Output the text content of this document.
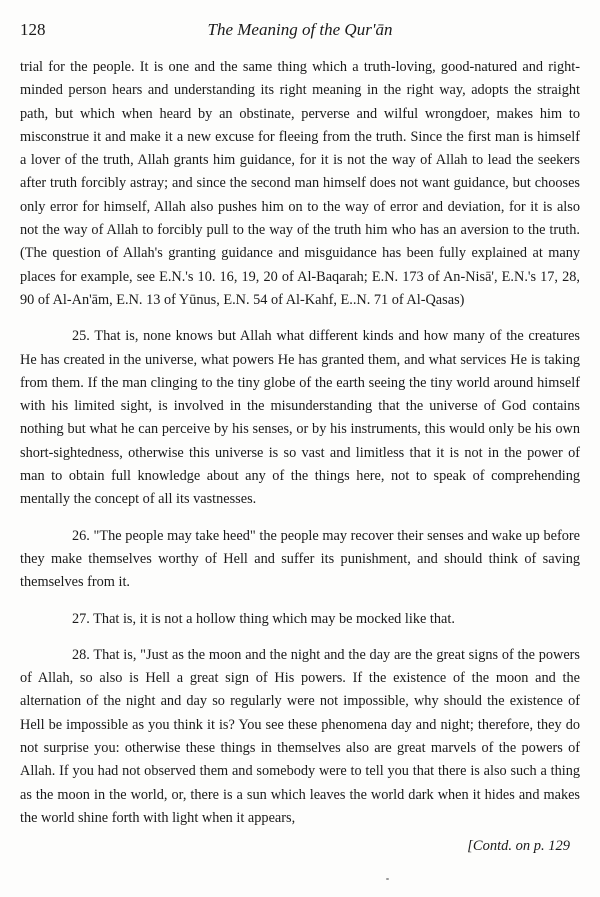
128	The Meaning of the Qur'ān

trial for the people. It is one and the same thing which a truth-loving, good-natured and right-minded person hears and understanding its right meaning in the right way, adopts the straight path, but which when heard by an obstinate, perverse and wilful wrongdoer, makes him to misconstrue it and make it a new excuse for fleeing from the truth. Since the first man is himself a lover of the truth, Allah grants him guidance, for it is not the way of Allah to lead the seekers after truth forcibly astray; and since the second man himself does not want guidance, but chooses only error for himself, Allah also pushes him on to the way of error and deviation, for it is also not the way of Allah to forcibly pull to the way of the truth him who has an aversion to the truth. (The question of Allah's granting guidance and misguidance has been fully explained at many places for example, see E.N.'s 10. 16, 19, 20 of Al-Baqarah; E.N. 173 of An-Nisā', E.N.'s 17, 28, 90 of Al-An'ām, E.N. 13 of Yūnus, E.N. 54 of Al-Kahf, E..N. 71 of Al-Qasas)

25. That is, none knows but Allah what different kinds and how many of the creatures He has created in the universe, what powers He has granted them, and what services He is taking from them. If the man clinging to the tiny globe of the earth seeing the tiny world around himself with his limited sight, is involved in the misunderstanding that the universe of God contains nothing but what he can perceive by his senses, or by his instruments, this would only be his own short-sightedness, otherwise this universe is so vast and limitless that it is not in the power of man to obtain full knowledge about any of the things here, not to speak of comprehending mentally the concept of all its vastnesses.

26. "The people may take heed" the people may recover their senses and wake up before they make themselves worthy of Hell and suffer its punishment, and should think of saving themselves from it.

27. That is, it is not a hollow thing which may be mocked like that.

28. That is, "Just as the moon and the night and the day are the great signs of the powers of Allah, so also is Hell a great sign of His powers. If the existence of the moon and the alternation of the night and day so regularly were not impossible, why should the existence of Hell be impossible as you think it is? You see these phenomena day and night; therefore, they do not surprise you: otherwise these things in themselves also are great marvels of the powers of Allah. If you had not observed them and somebody were to tell you that there is also such a thing as the moon in the world, or, there is a sun which leaves the world dark when it hides and makes the world shine forth with light when it appears,

[Contd. on p. 129
